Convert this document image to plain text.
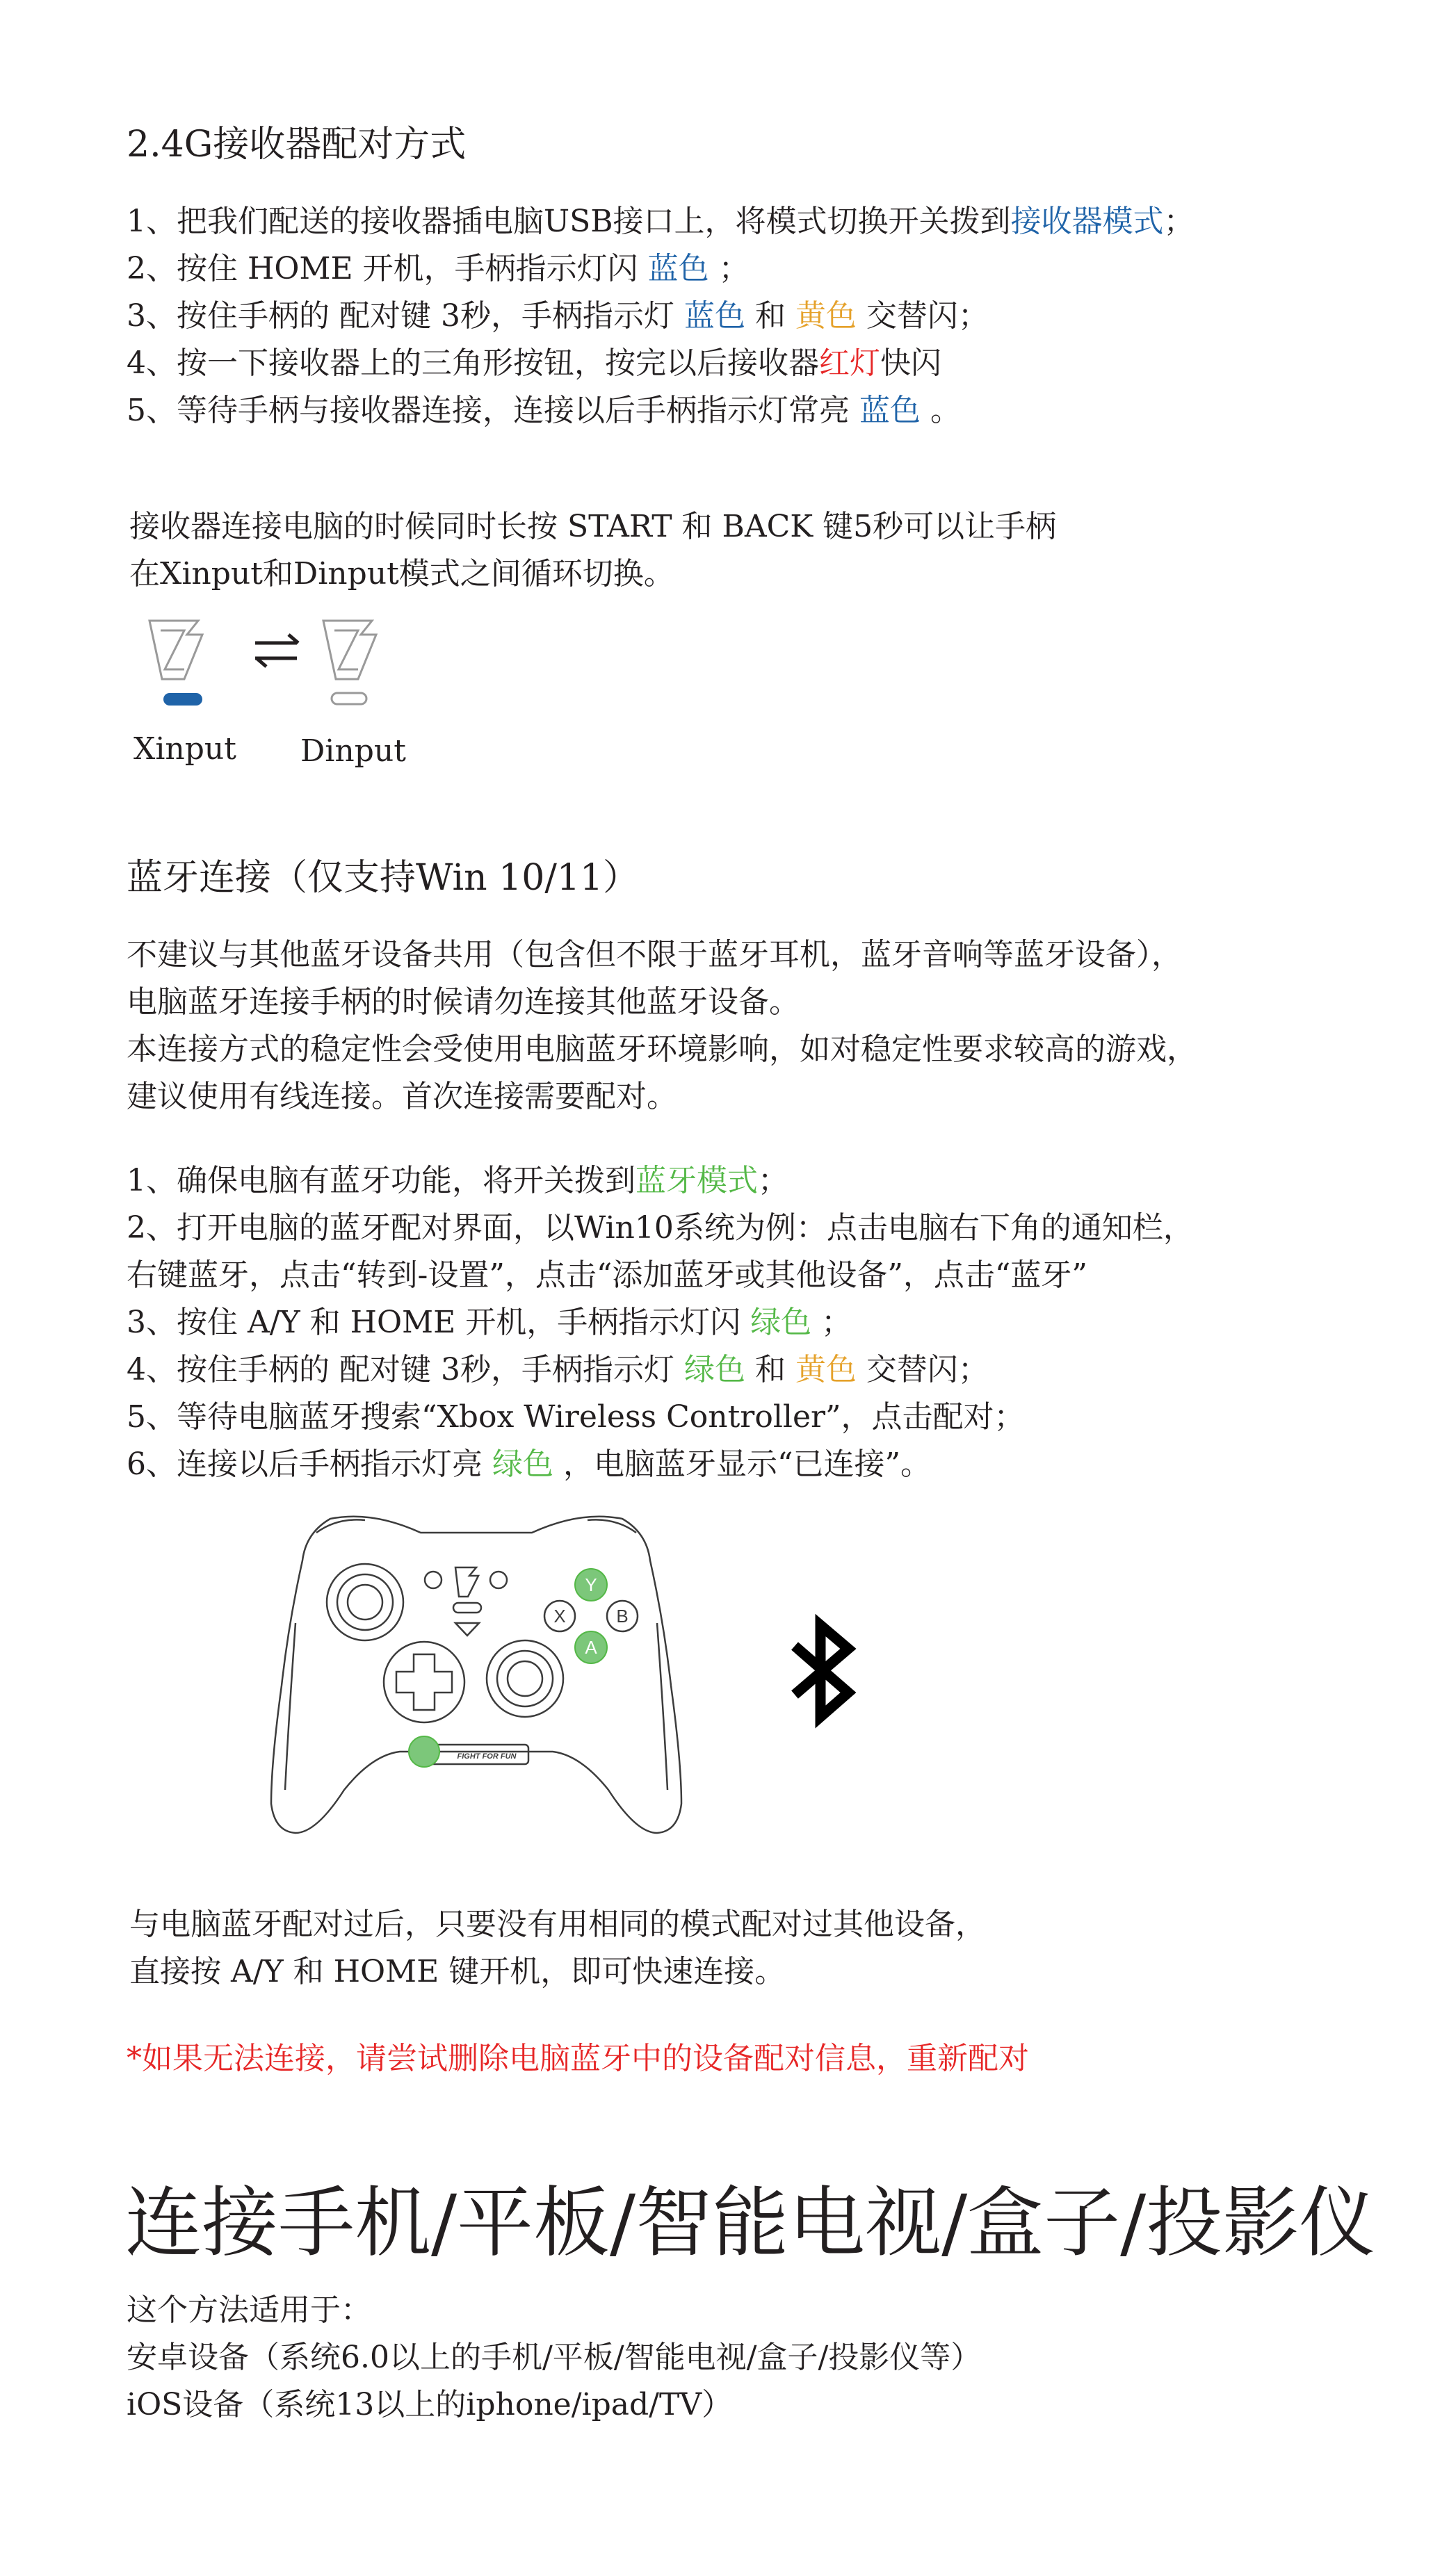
2.4G接收器配对方式
1、把我们配送的接收器插电脑USB接口上，将模式切换开关拨到接收器模式；
2、按住 HOME 开机，手柄指示灯闪 蓝色 ；
3、按住手柄的 配对键 3秒，手柄指示灯 蓝色 和 黄色 交替闪；
4、按一下接收器上的三角形按钮，按完以后接收器红灯快闪
5、等待手柄与接收器连接，连接以后手柄指示灯常亮 蓝色 。
接收器连接电脑的时候同时长按 START 和 BACK 键5秒可以让手柄
在Xinput和Dinput模式之间循环切换。
Xinput Dinput
蓝牙连接（仅支持Win 10/11）
不建议与其他蓝牙设备共用（包含但不限于蓝牙耳机，蓝牙音响等蓝牙设备），
电脑蓝牙连接手柄的时候请勿连接其他蓝牙设备。
本连接方式的稳定性会受使用电脑蓝牙环境影响，如对稳定性要求较高的游戏，
建议使用有线连接。首次连接需要配对。
1、确保电脑有蓝牙功能，将开关拨到蓝牙模式；
2、打开电脑的蓝牙配对界面，以Win10系统为例：点击电脑右下角的通知栏，
右键蓝牙，点击“转到-设置”，点击“添加蓝牙或其他设备”，点击“蓝牙”
3、按住 A/Y 和 HOME 开机，手柄指示灯闪 绿色 ；
4、按住手柄的 配对键 3秒，手柄指示灯 绿色 和 黄色 交替闪；
5、等待电脑蓝牙搜索“Xbox Wireless Controller”，点击配对；
6、连接以后手柄指示灯亮 绿色 ，电脑蓝牙显示“已连接”。
Y
X	B
A
FIGHT FOR FUN
与电脑蓝牙配对过后，只要没有用相同的模式配对过其他设备，
直接按 A/Y 和 HOME 键开机，即可快速连接。
*如果无法连接，请尝试删除电脑蓝牙中的设备配对信息，重新配对
连接手机/平板/智能电视/盒子/投影仪
这个方法适用于：
安卓设备（系统6.0以上的手机/平板/智能电视/盒子/投影仪等）
iOS设备（系统13以上的iphone/ipad/TV）
